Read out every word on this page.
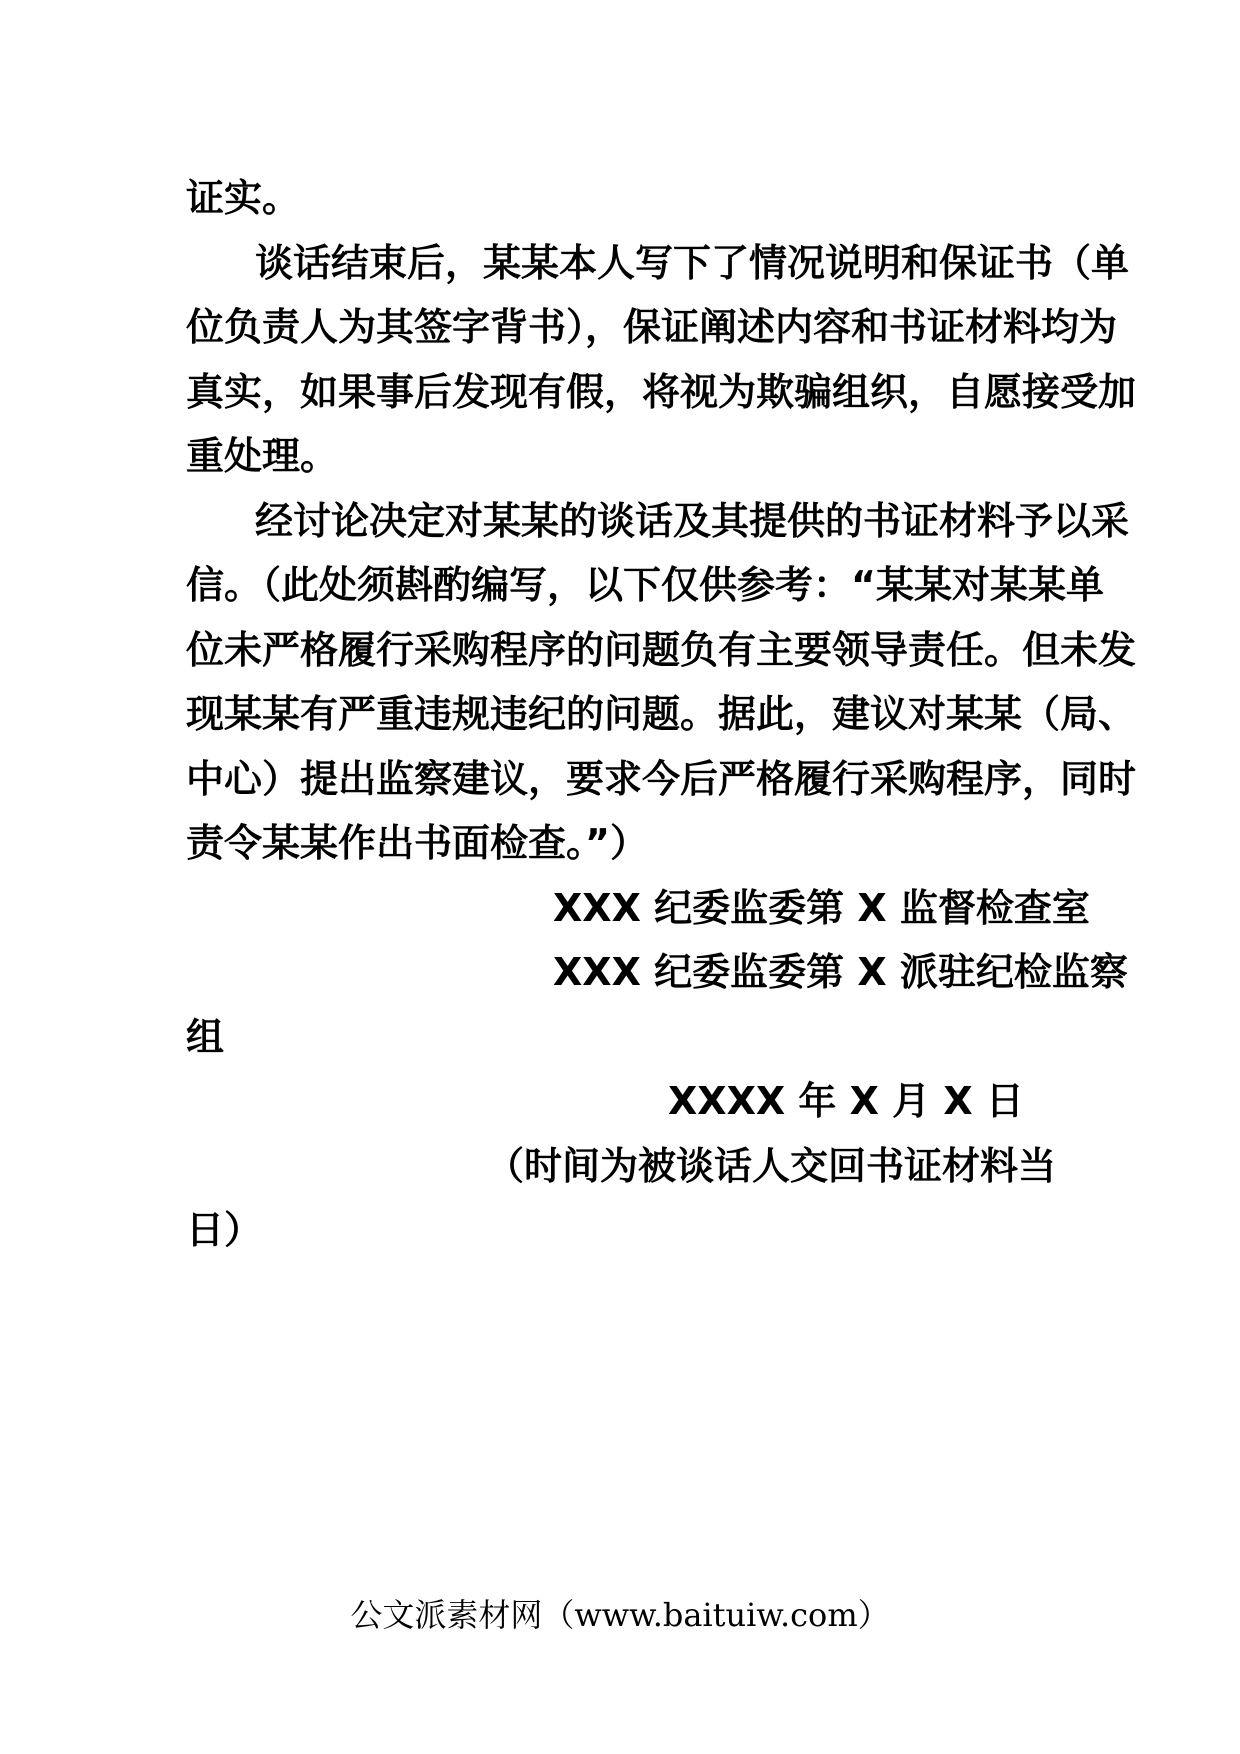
证实。

谈话结束后，某某本人写下了情况说明和保证书（单

位负责人为其签字背书），保证阐述内容和书证材料均为

真实，如果事后发现有假，将视为欺骗组织，自愿接受加

重处理。

经讨论决定对某某的谈话及其提供的书证材料予以采

信。（此处须斟酌编写，以下仅供参考：“某某对某某单

位未严格履行采购程序的问题负有主要领导责任。但未发

现某某有严重违规违纪的问题。据此，建议对某某（局、

中心）提出监察建议，要求今后严格履行采购程序，同时

责令某某作出书面检查。”）

XXX 纪委监委第 X 监督检查室

XXX 纪委监委第 X 派驻纪检监察

组

XXXX 年 X 月 X 日

（时间为被谈话人交回书证材料当

日）

公文派素材网（www.baituiw.com）
